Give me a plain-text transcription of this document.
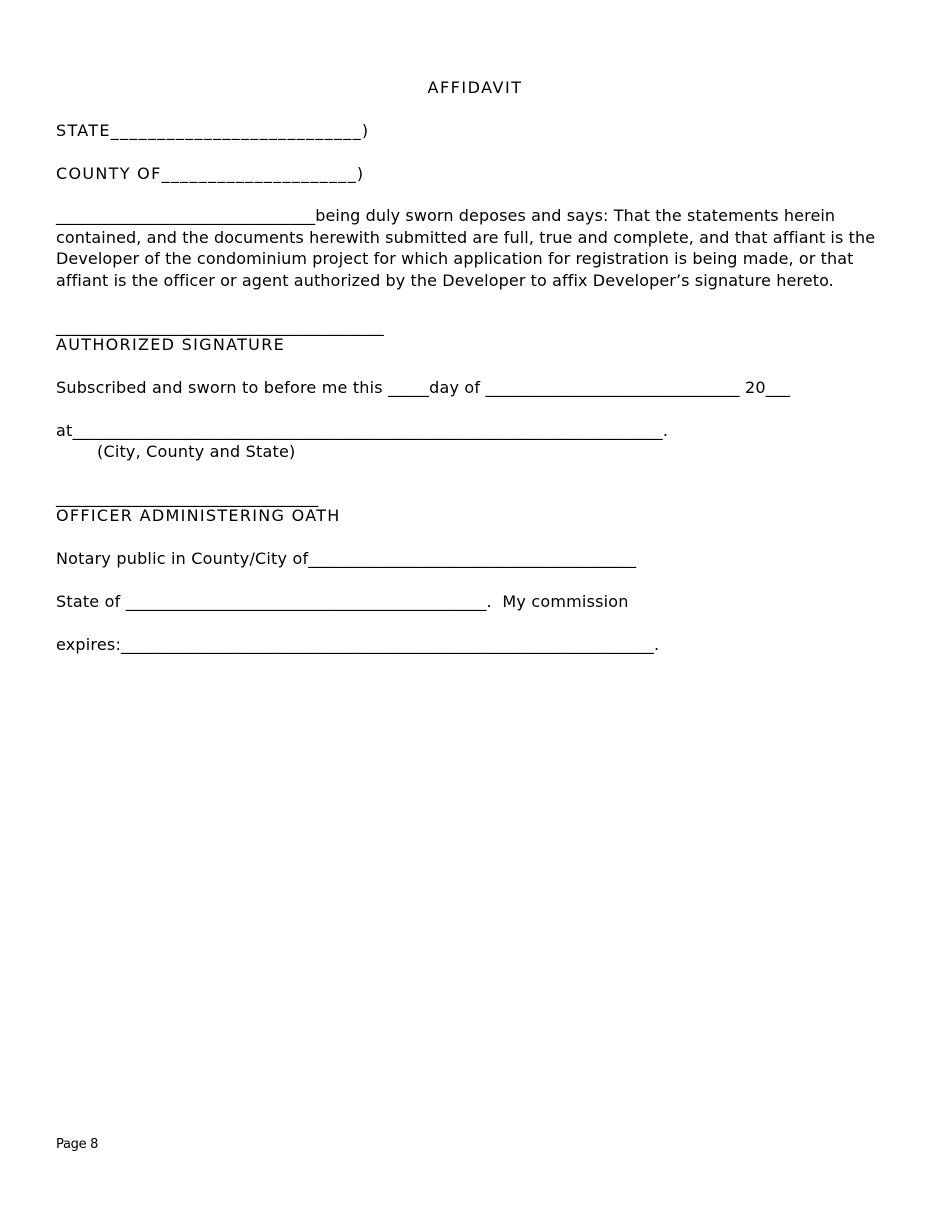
AFFIDAVIT
STATE___________________________)
COUNTY OF_____________________)
________________________________being duly sworn deposes and says: That the statements herein contained, and the documents herewith submitted are full, true and complete, and that affiant is the Developer of the condominium project for which application for registration is being made, or that affiant is the officer or agent authorized by the Developer to affix Developer’s signature hereto.
________________________________________
AUTHORIZED SIGNATURE
Subscribed and sworn to before me this _____day of _______________________________ 20___
at________________________________________________________________________.
(City, County and State)
________________________________
OFFICER ADMINISTERING OATH
Notary public in County/City of________________________________________
State of ____________________________________________.  My commission
expires:_________________________________________________________________.
Page 8
